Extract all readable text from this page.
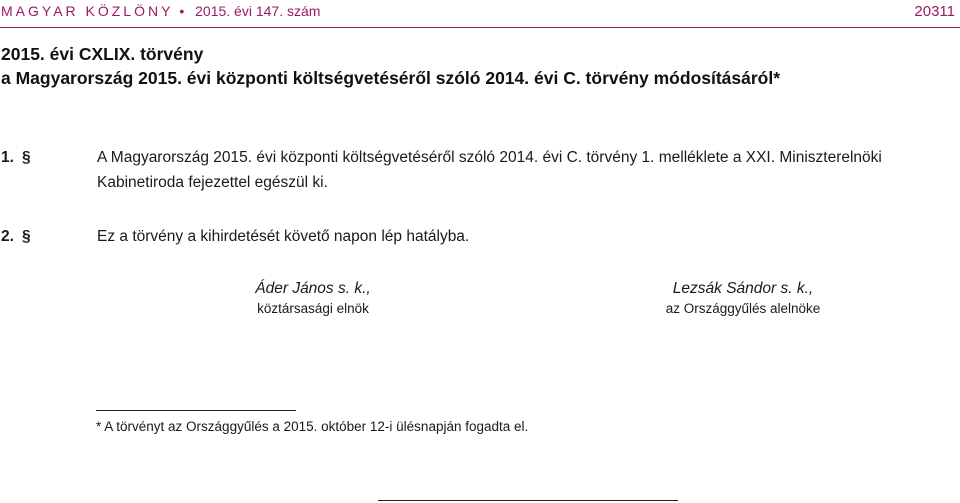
MAGYAR KÖZLÖNY • 2015. évi 147. szám	20311
2015. évi CXLIX. törvény
a Magyarország 2015. évi központi költségvetéséről szóló 2014. évi C. törvény módosításáról*
1. §	A Magyarország 2015. évi központi költségvetéséről szóló 2014. évi C. törvény 1. melléklete a XXI. Miniszterelnöki
Kabinetiroda fejezettel egészül ki.
2. §	Ez a törvény a kihirdetését követő napon lép hatályba.
Áder János s. k.,
köztársasági elnök
Lezsák Sándor s. k.,
az Országgyűlés alelnöke
* A törvényt az Országgyűlés a 2015. október 12-i ülésnapján fogadta el.
